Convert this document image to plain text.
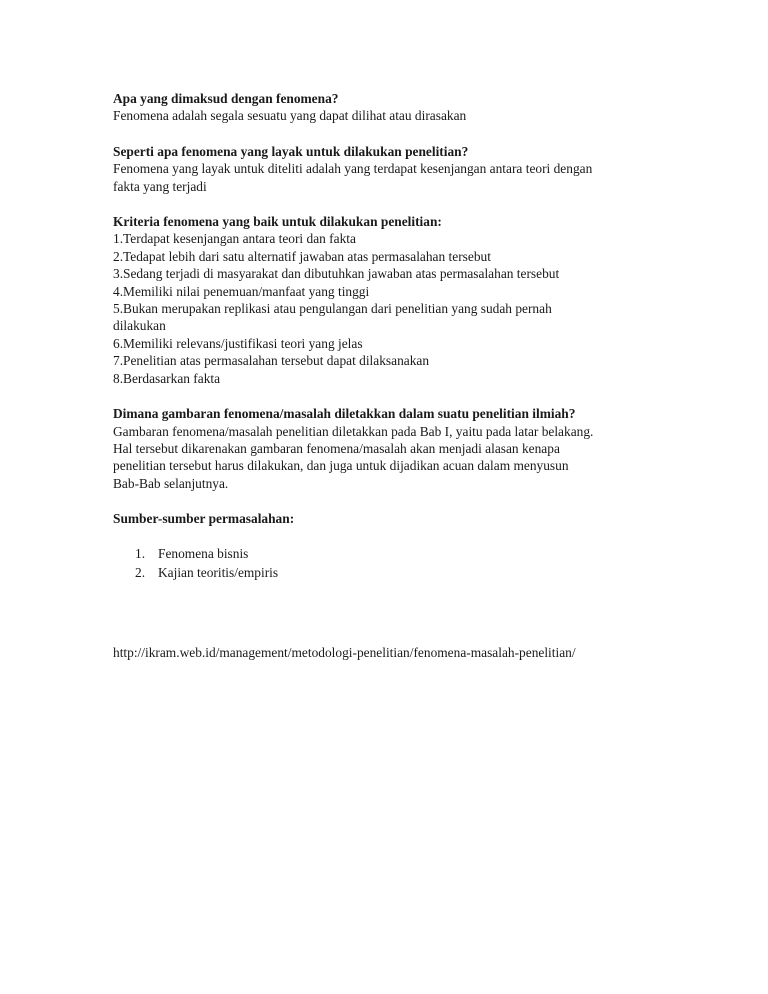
Apa yang dimaksud dengan fenomena?

Fenomena adalah segala sesuatu yang dapat dilihat atau dirasakan

Seperti apa fenomena yang layak untuk dilakukan penelitian?

Fenomena yang layak untuk diteliti adalah yang terdapat kesenjangan antara teori dengan

fakta yang terjadi

Kriteria fenomena yang baik untuk dilakukan penelitian:

1.Terdapat kesenjangan antara teori dan fakta
2.Tedapat lebih dari satu alternatif jawaban atas permasalahan tersebut
3.Sedang terjadi di masyarakat dan dibutuhkan jawaban atas permasalahan tersebut
4.Memiliki nilai penemuan/manfaat yang tinggi
5.Bukan merupakan replikasi atau pengulangan dari penelitian yang sudah pernah
dilakukan
6.Memiliki relevans/justifikasi teori yang jelas
7.Penelitian atas permasalahan tersebut dapat dilaksanakan
8.Berdasarkan fakta

Dimana gambaran fenomena/masalah diletakkan dalam suatu penelitian ilmiah?

Gambaran fenomena/masalah penelitian diletakkan pada Bab I, yaitu pada latar belakang.

Hal tersebut dikarenakan gambaran fenomena/masalah akan menjadi alasan kenapa

penelitian tersebut harus dilakukan, dan juga untuk dijadikan acuan dalam menyusun

Bab-Bab selanjutnya.

Sumber-sumber permasalahan:

1. Fenomena bisnis
2. Kajian teoritis/empiris

http://ikram.web.id/management/metodologi-penelitian/fenomena-masalah-penelitian/
